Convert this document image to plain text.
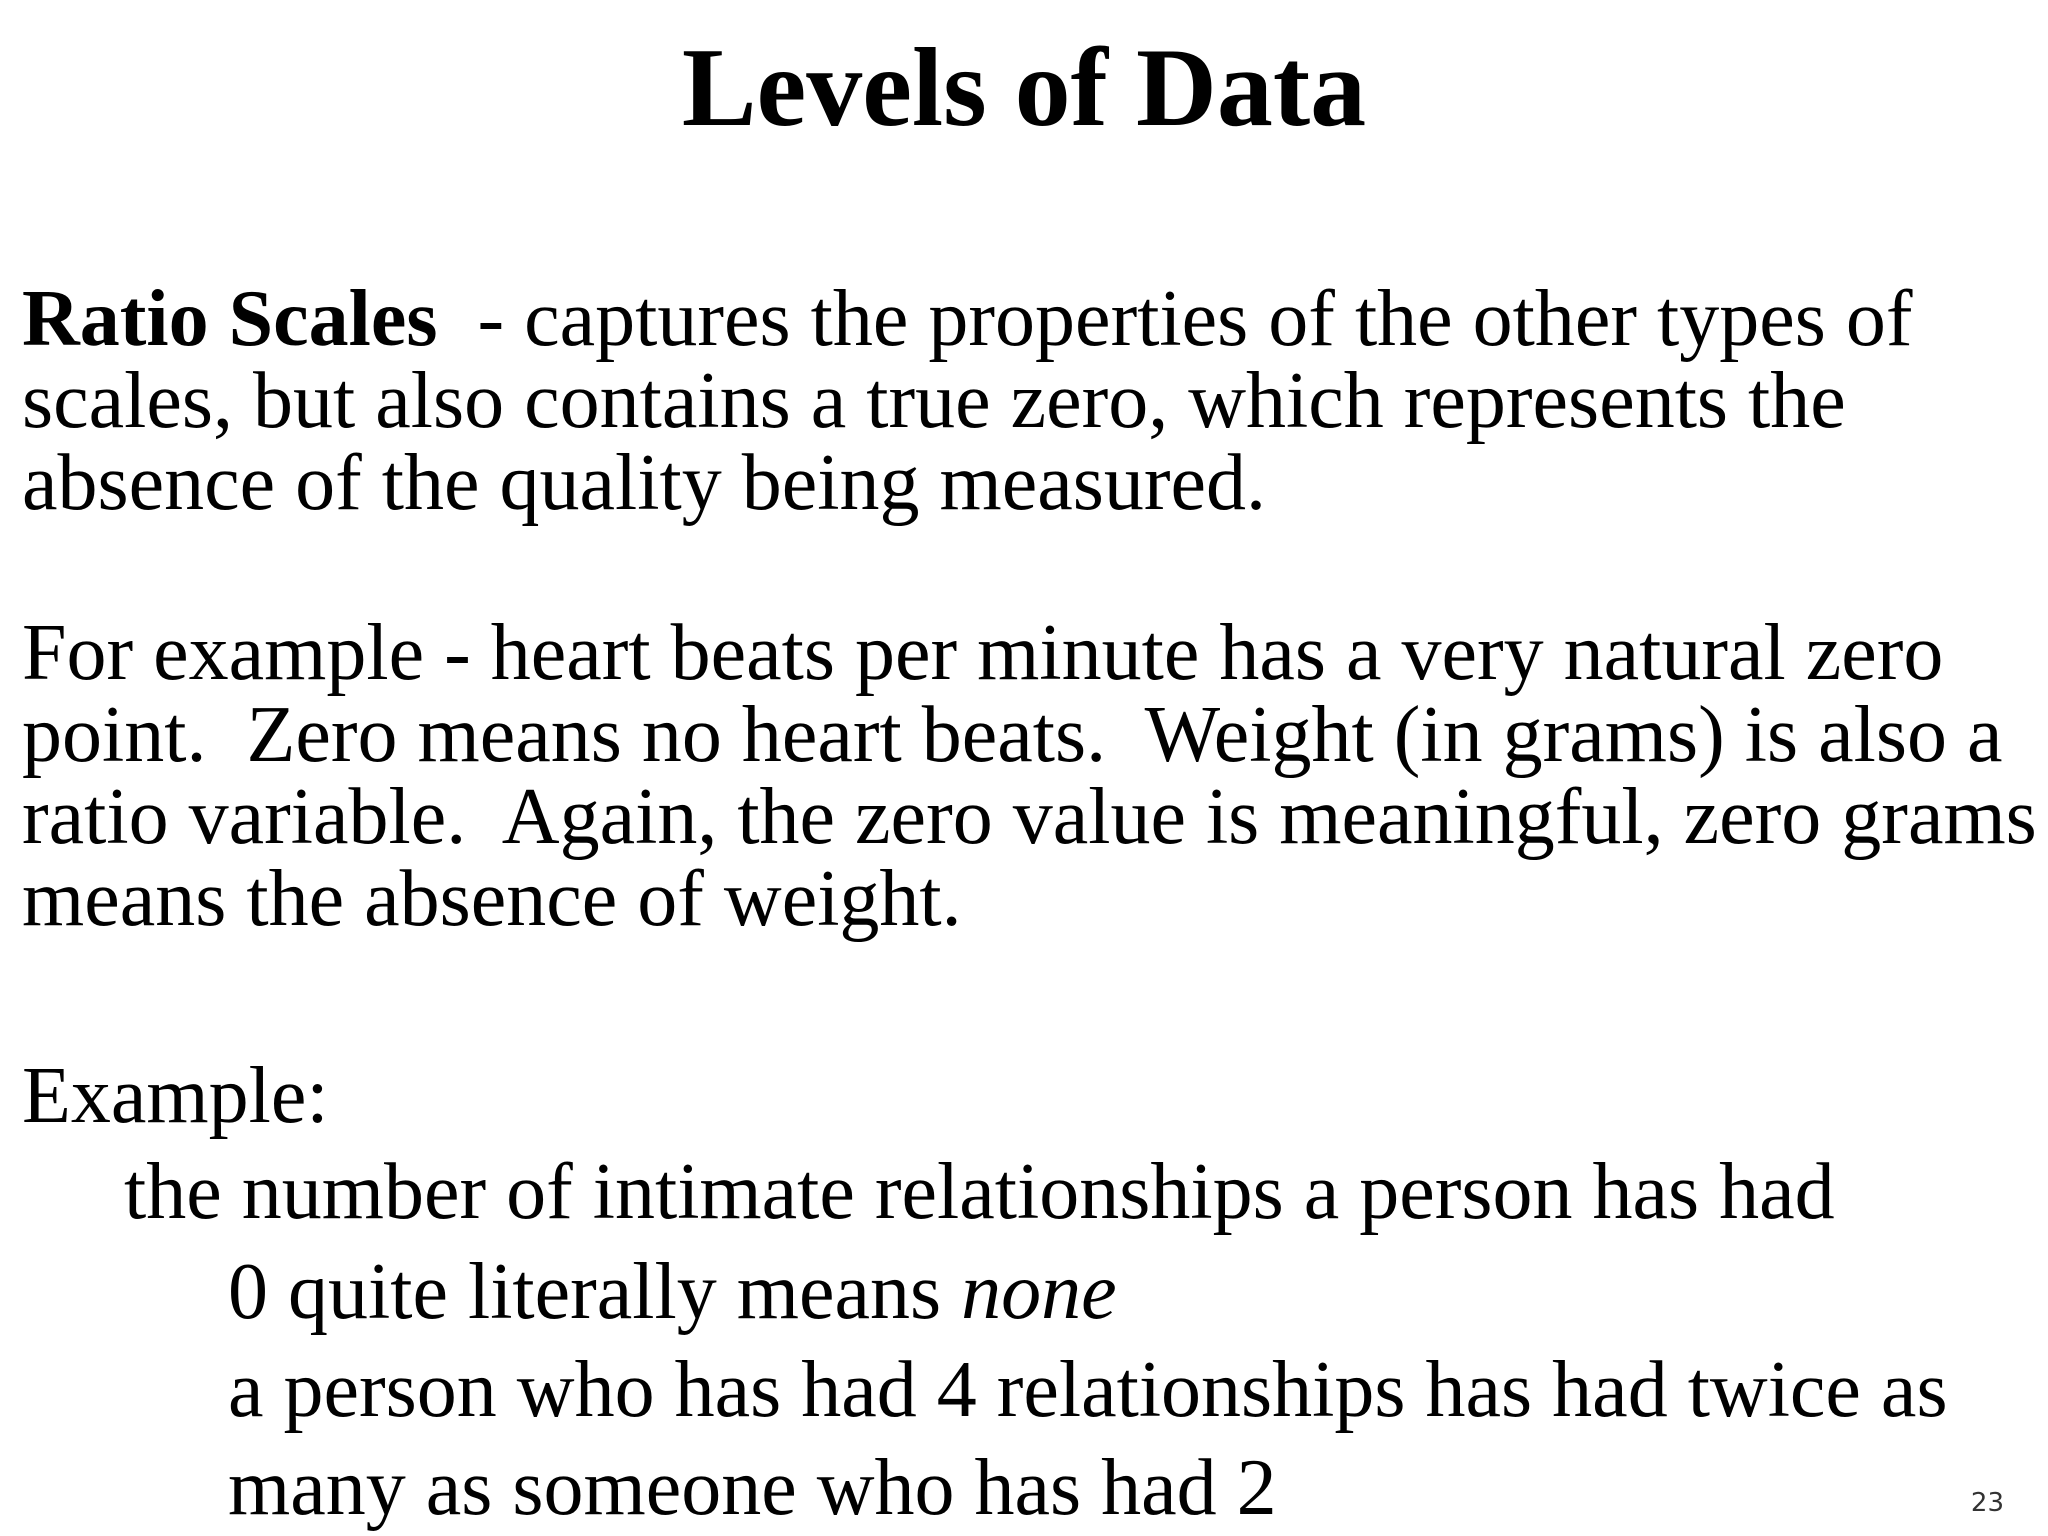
Levels of Data
Ratio Scales  - captures the properties of the other types of
scales, but also contains a true zero, which represents the
absence of the quality being measured.
For example - heart beats per minute has a very natural zero
point.  Zero means no heart beats.  Weight (in grams) is also a
ratio variable.  Again, the zero value is meaningful, zero grams
means the absence of weight.

Example:

the number of intimate relationships a person has had

0 quite literally means none

a person who has had 4 relationships has had twice as

many as someone who has had 2	23
